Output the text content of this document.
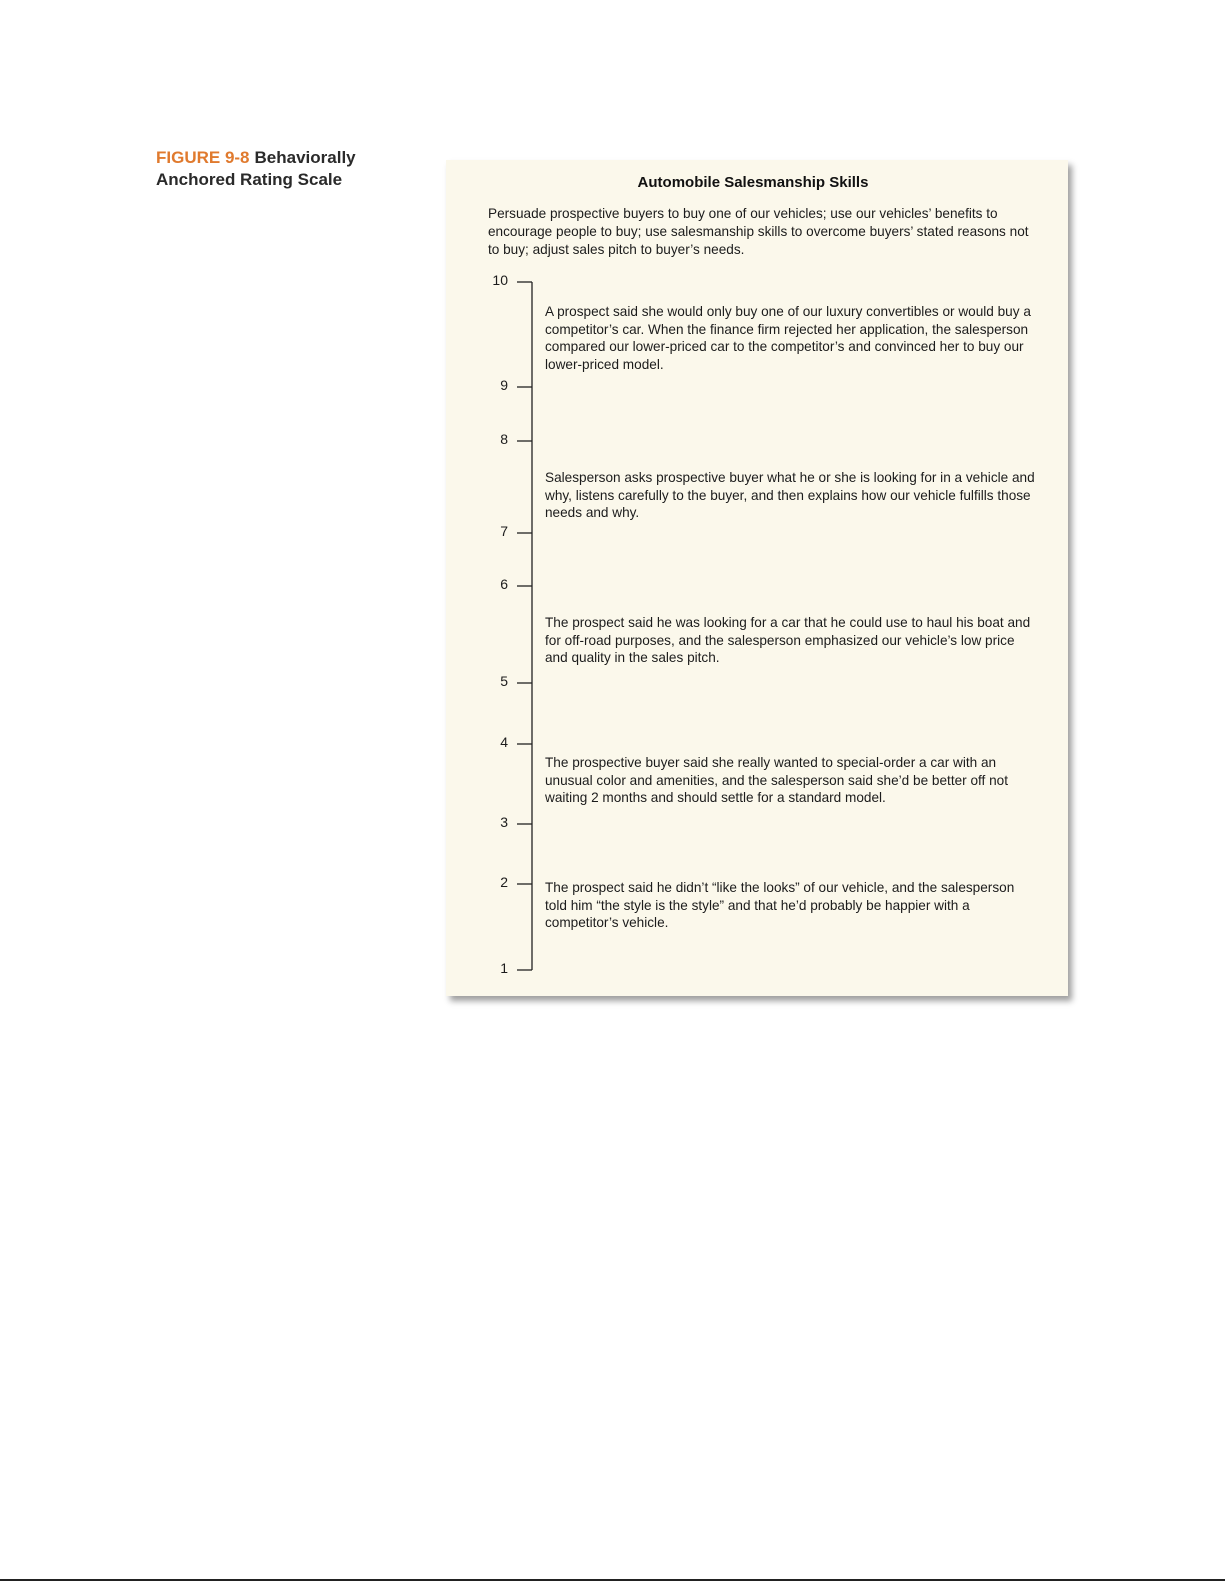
FIGURE 9-8 Behaviorally Anchored Rating Scale	Automobile Salesmanship Skills
Persuade prospective buyers to buy one of our vehicles; use our vehicles’ benefits to encourage people to buy; use salesmanship skills to overcome buyers’ stated reasons not to buy; adjust sales pitch to buyer’s needs.
10
9
8
7
6
5
4
3
2
1
A prospect said she would only buy one of our luxury convertibles or would buy a competitor’s car. When the finance firm rejected her application, the salesperson compared our lower-priced car to the competitor’s and convinced her to buy our lower-priced model.
Salesperson asks prospective buyer what he or she is looking for in a vehicle and why, listens carefully to the buyer, and then explains how our vehicle fulfills those needs and why.
The prospect said he was looking for a car that he could use to haul his boat and for off-road purposes, and the salesperson emphasized our vehicle’s low price and quality in the sales pitch.
The prospective buyer said she really wanted to special-order a car with an unusual color and amenities, and the salesperson said she’d be better off not waiting 2 months and should settle for a standard model.
The prospect said he didn’t “like the looks” of our vehicle, and the salesperson told him “the style is the style” and that he’d probably be happier with a competitor’s vehicle.
